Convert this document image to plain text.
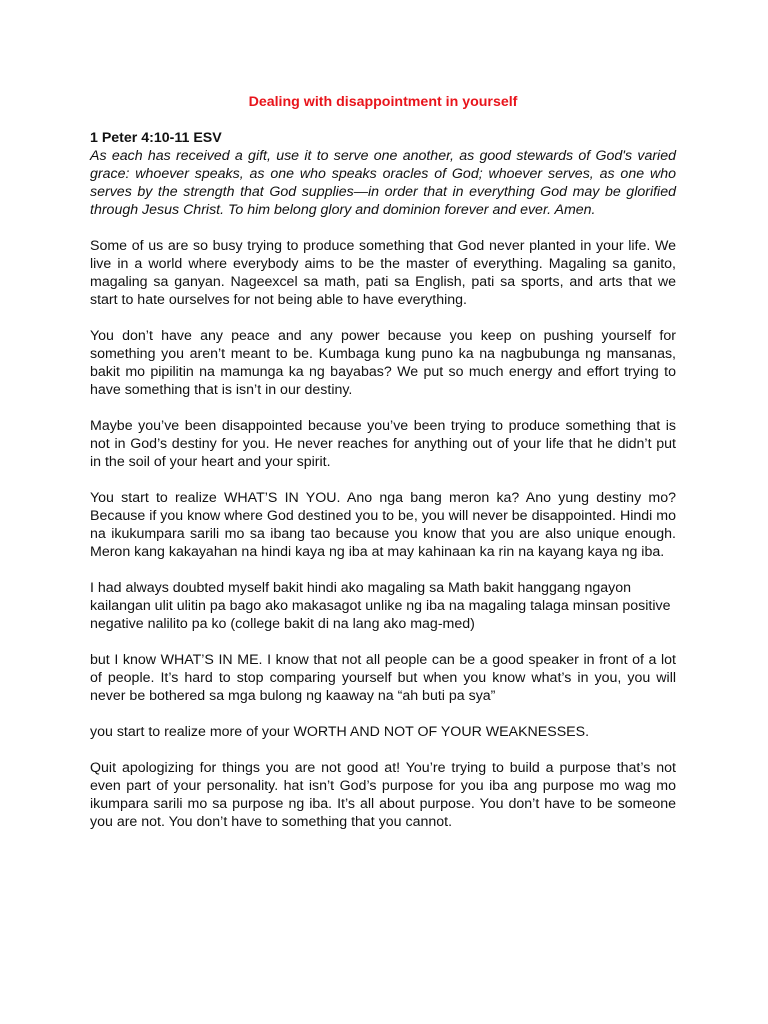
Dealing with disappointment in yourself
1 Peter 4:10-11 ESV
As each has received a gift, use it to serve one another, as good stewards of God's varied grace: whoever speaks, as one who speaks oracles of God; whoever serves, as one who serves by the strength that God supplies—in order that in everything God may be glorified through Jesus Christ. To him belong glory and dominion forever and ever. Amen.
Some of us are so busy trying to produce something that God never planted in your life. We live in a world where everybody aims to be the master of everything. Magaling sa ganito, magaling sa ganyan. Nageexcel sa math, pati sa English, pati sa sports, and arts that we start to hate ourselves for not being able to have everything.
You don’t have any peace and any power because you keep on pushing yourself for something you aren’t meant to be. Kumbaga kung puno ka na nagbubunga ng mansanas, bakit mo pipilitin na mamunga ka ng bayabas? We put so much energy and effort trying to have something that is isn’t in our destiny.
Maybe you’ve been disappointed because you’ve been trying to produce something that is not in God’s destiny for you. He never reaches for anything out of your life that he didn’t put in the soil of your heart and your spirit.
You start to realize WHAT’S IN YOU. Ano nga bang meron ka? Ano yung destiny mo? Because if you know where God destined you to be, you will never be disappointed. Hindi mo na ikukumpara sarili mo sa ibang tao because you know that you are also unique enough. Meron kang kakayahan na hindi kaya ng iba at may kahinaan ka rin na kayang kaya ng iba.
I had always doubted myself bakit hindi ako magaling sa Math bakit hanggang ngayon kailangan ulit ulitin pa bago ako makasagot unlike ng iba na magaling talaga minsan positive negative nalilito pa ko (college bakit di na lang ako mag-med)
but I know WHAT’S IN ME. I know that not all people can be a good speaker in front of a lot of people. It’s hard to stop comparing yourself but when you know what’s in you, you will never be bothered sa mga bulong ng kaaway na “ah buti pa sya”
you start to realize more of your WORTH AND NOT OF YOUR WEAKNESSES.
Quit apologizing for things you are not good at! You’re trying to build a purpose that’s not even part of your personality. hat isn’t God’s purpose for you iba ang purpose mo wag mo ikumpara sarili mo sa purpose ng iba. It’s all about purpose. You don’t have to be someone you are not. You don’t have to something that you cannot.
